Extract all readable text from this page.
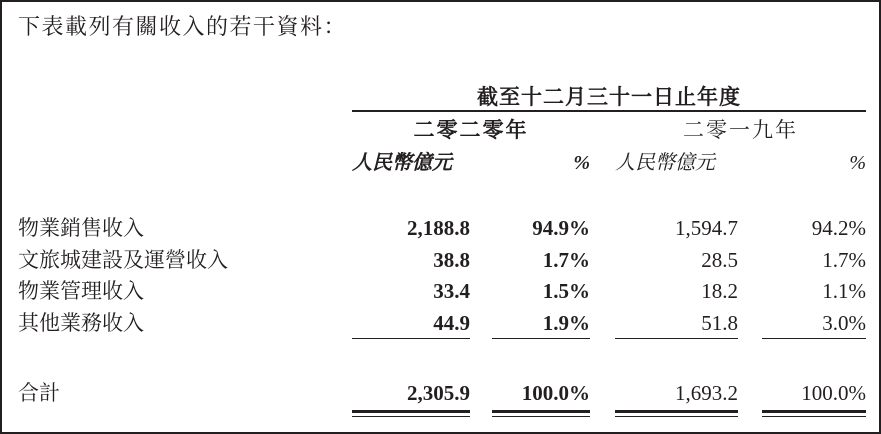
下表載列有關收入的若干資料：
截至十二月三十一日止年度
二零二零年	二零一九年
人民幣億元	% 人民幣億元	%
物業銷售收入	2,188.8	94.9%	1,594.7	94.2%
文旅城建設及運營收入	38.8	1.7%	28.5	1.7%
物業管理收入	33.4	1.5%	18.2	1.1%
其他業務收入	44.9	1.9%	51.8	3.0%
合計	2,305.9	100.0%	1,693.2	100.0%
